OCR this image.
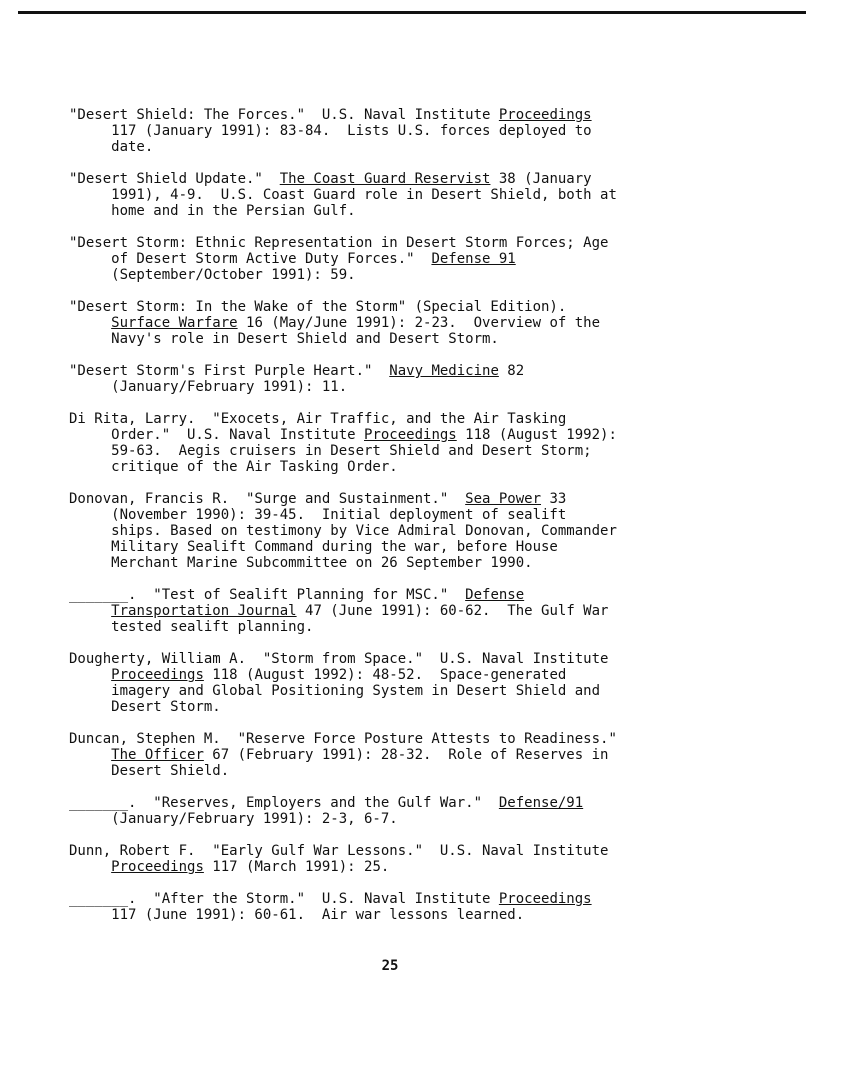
"Desert Shield: The Forces."  U.S. Naval Institute Proceedings
117 (January 1991): 83-84.  Lists U.S. forces deployed to
date.
"Desert Shield Update."  The Coast Guard Reservist 38 (January
1991), 4-9.  U.S. Coast Guard role in Desert Shield, both at
home and in the Persian Gulf.
"Desert Storm: Ethnic Representation in Desert Storm Forces; Age
of Desert Storm Active Duty Forces."  Defense 91
(September/October 1991): 59.
"Desert Storm: In the Wake of the Storm" (Special Edition).
Surface Warfare 16 (May/June 1991): 2-23.  Overview of the
Navy's role in Desert Shield and Desert Storm.
"Desert Storm's First Purple Heart."  Navy Medicine 82
(January/February 1991): 11.
Di Rita, Larry.  "Exocets, Air Traffic, and the Air Tasking
Order."  U.S. Naval Institute Proceedings 118 (August 1992):
59-63.  Aegis cruisers in Desert Shield and Desert Storm;
critique of the Air Tasking Order.
Donovan, Francis R.  "Surge and Sustainment."  Sea Power 33
(November 1990): 39-45.  Initial deployment of sealift
ships. Based on testimony by Vice Admiral Donovan, Commander
Military Sealift Command during the war, before House
Merchant Marine Subcommittee on 26 September 1990.
_______.  "Test of Sealift Planning for MSC."  Defense
Transportation Journal 47 (June 1991): 60-62.  The Gulf War
tested sealift planning.
Dougherty, William A.  "Storm from Space."  U.S. Naval Institute
Proceedings 118 (August 1992): 48-52.  Space-generated
imagery and Global Positioning System in Desert Shield and
Desert Storm.
Duncan, Stephen M.  "Reserve Force Posture Attests to Readiness."
The Officer 67 (February 1991): 28-32.  Role of Reserves in
Desert Shield.
_______.  "Reserves, Employers and the Gulf War."  Defense/91
(January/February 1991): 2-3, 6-7.
Dunn, Robert F.  "Early Gulf War Lessons."  U.S. Naval Institute
Proceedings 117 (March 1991): 25.
_______.  "After the Storm."  U.S. Naval Institute Proceedings
117 (June 1991): 60-61.  Air war lessons learned.
25
